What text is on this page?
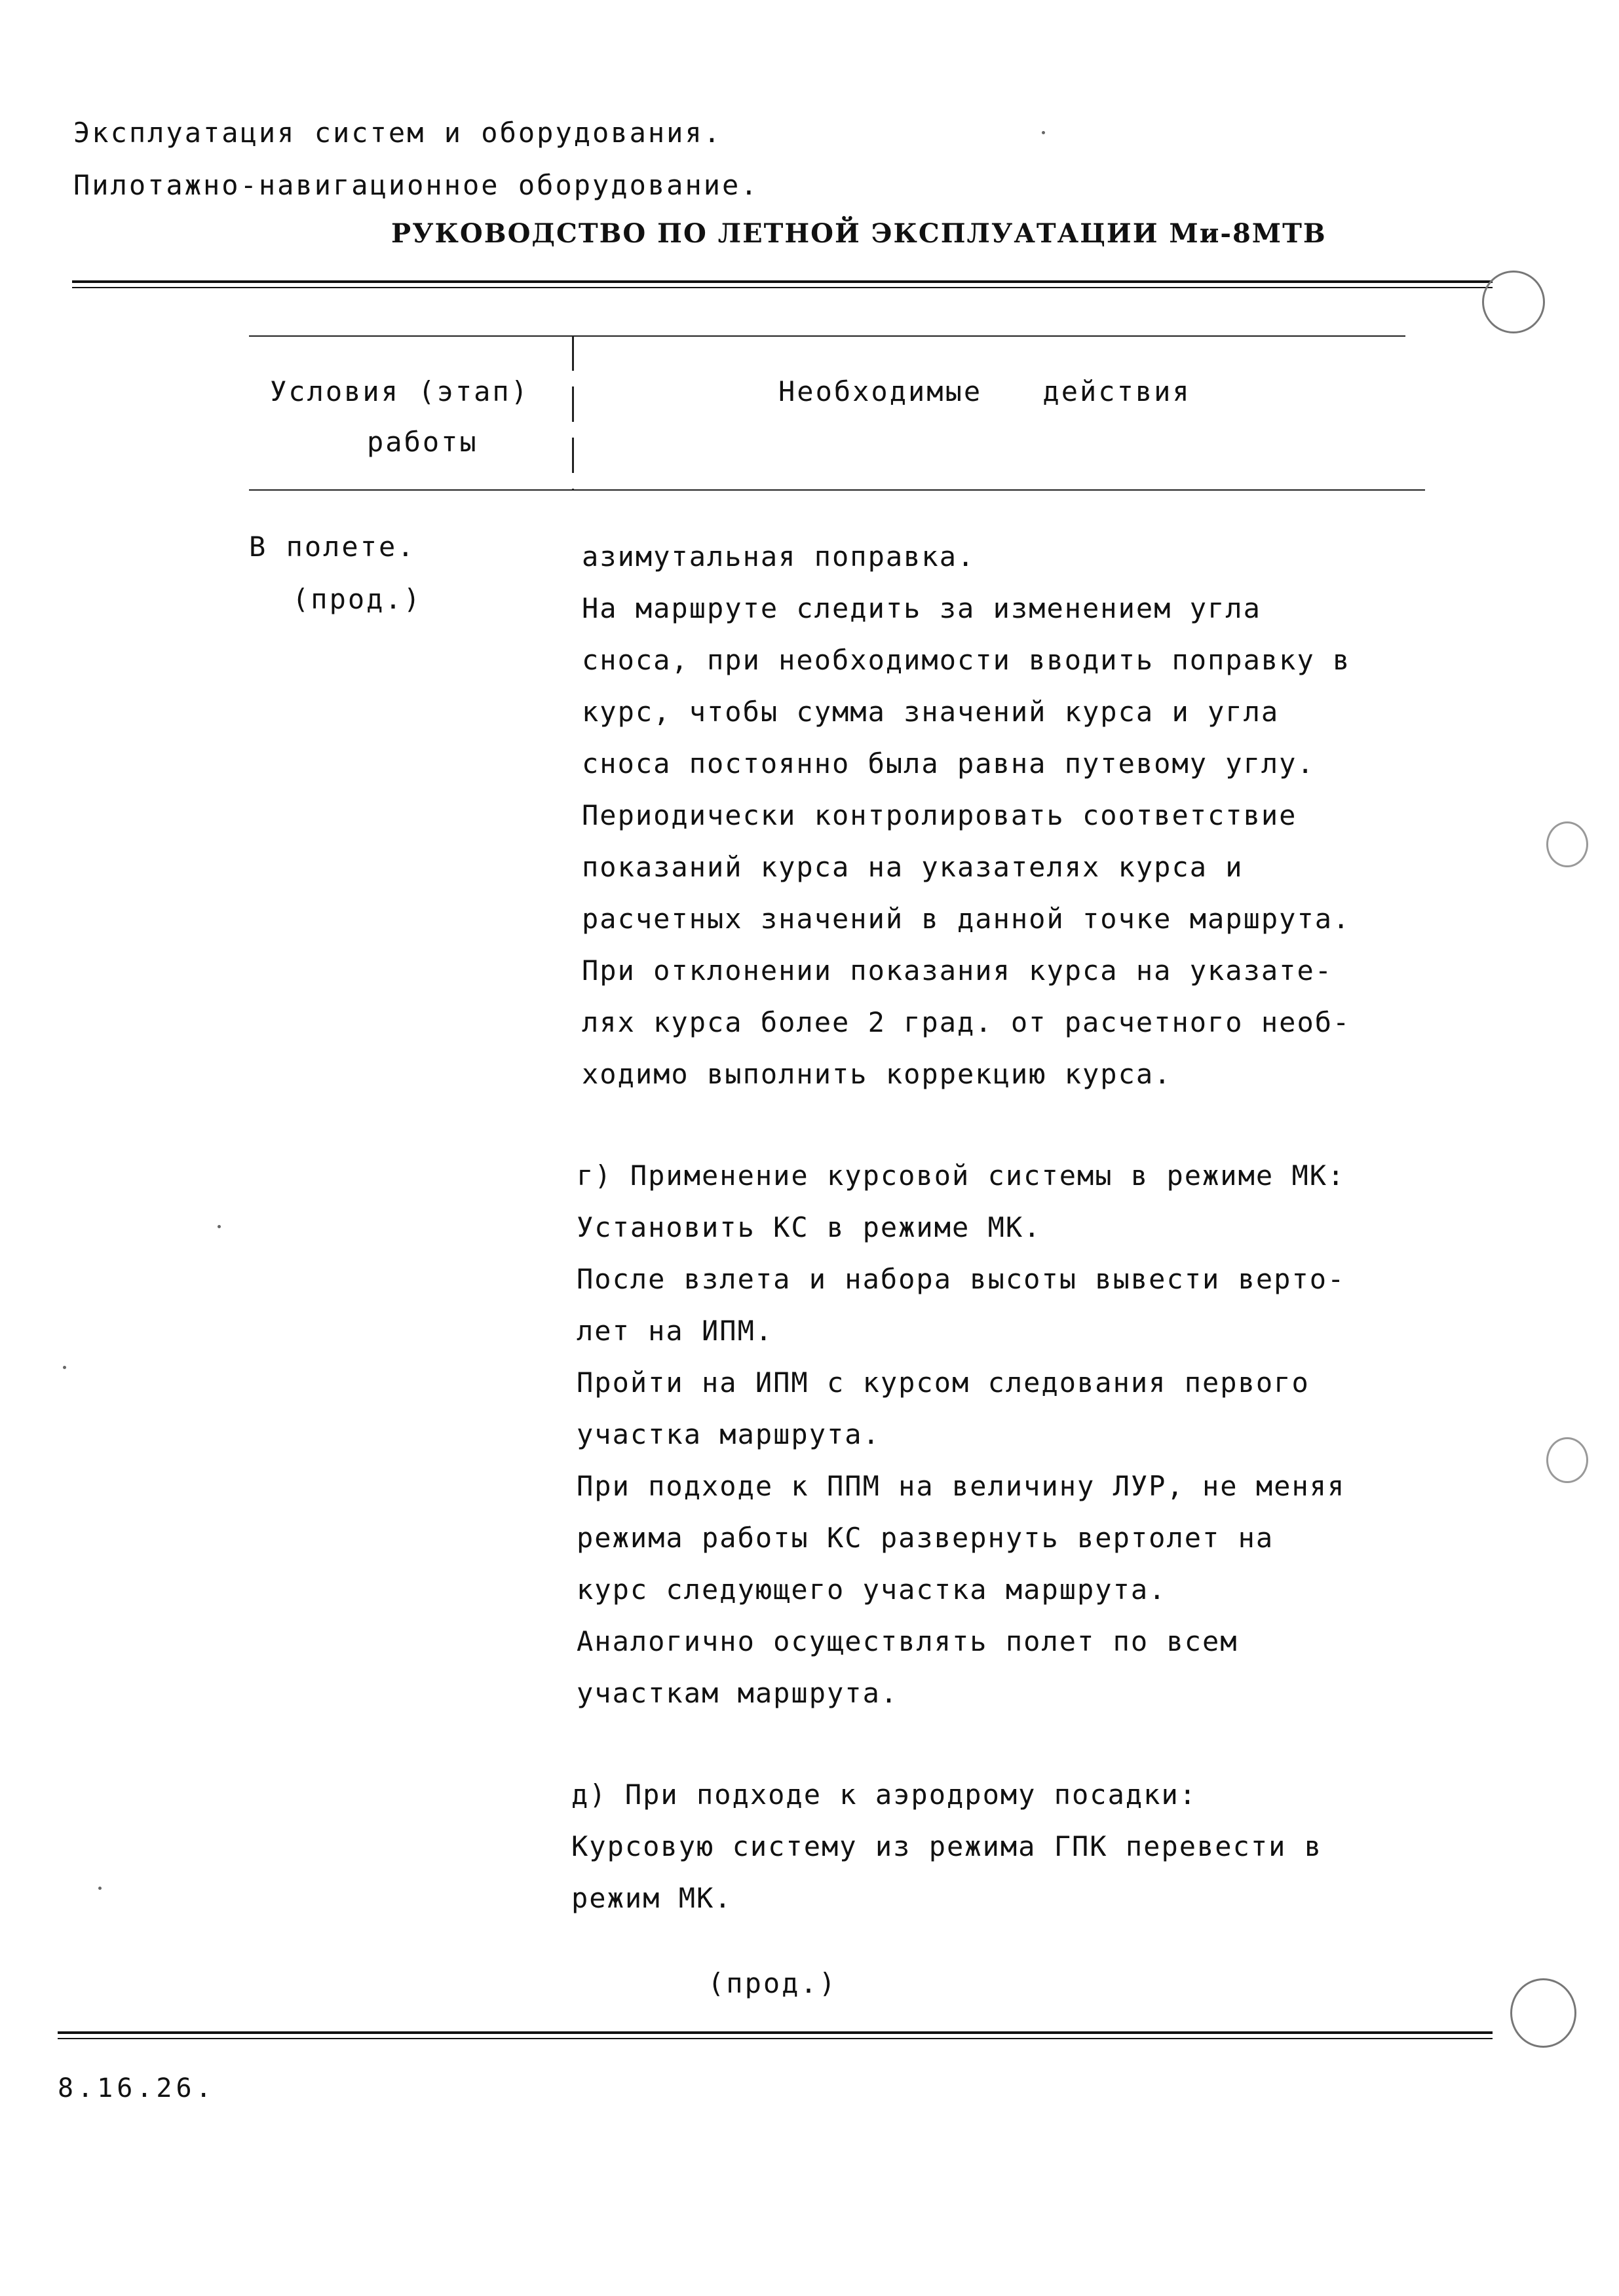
Эксплуатация систем и оборудования.
Пилотажно-навигационное оборудование.
РУКОВОДСТВО ПО ЛЕТНОЙ ЭКСПЛУАТАЦИИ Ми-8МТВ
Условия (этап)
работы
Необходимые действия
В полете.
(прод.)

азимутальная поправка.

На маршруте следить за изменением угла

сноса, при необходимости вводить поправку в

курс, чтобы сумма значений курса и угла

сноса постоянно была равна путевому углу.

Периодически контролировать соответствие

показаний курса на указателях курса и

расчетных значений в данной точке маршрута.

При отклонении показания курса на указате-

лях курса более 2 град. от расчетного необ-

ходимо выполнить коррекцию курса.

г) Применение курсовой системы в режиме МК:

Установить КС в режиме МК.

После взлета и набора высоты вывести верто-

лет на ИПМ.

Пройти на ИПМ с курсом следования первого

участка маршрута.

При подходе к ППМ на величину ЛУР, не меняя

режима работы КС развернуть вертолет на

курс следующего участка маршрута.

Аналогично осуществлять полет по всем

участкам маршрута.

д) При подходе к аэродрому посадки:

Курсовую систему из режима ГПК перевести в

режим МК.

(прод.)
8.16.26.
